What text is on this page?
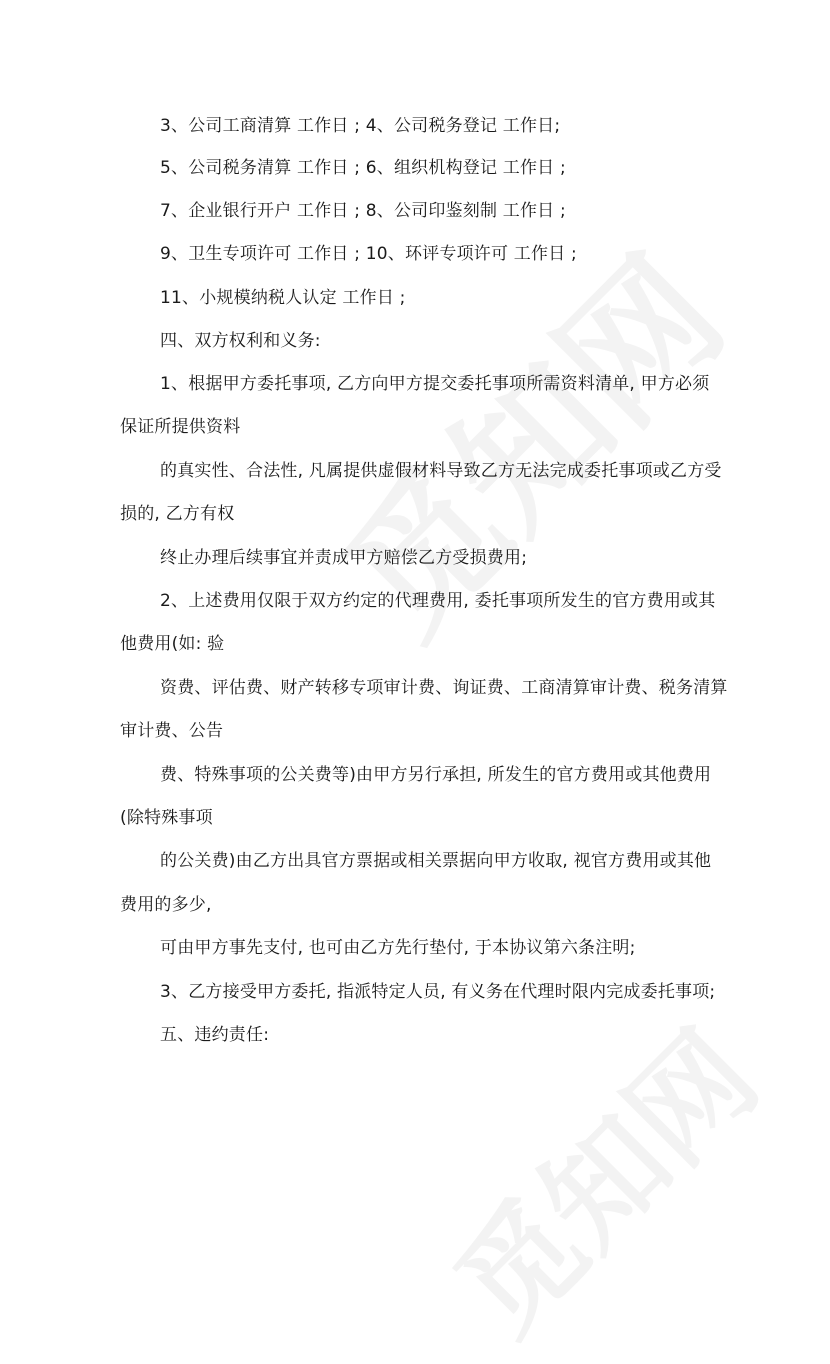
3、公司工商清算 工作日 ; 4、公司税务登记 工作日;
5、公司税务清算 工作日 ; 6、组织机构登记 工作日 ;
7、企业银行开户 工作日 ; 8、公司印鉴刻制 工作日 ;
9、卫生专项许可 工作日 ; 10、环评专项许可 工作日 ;
11、小规模纳税人认定 工作日 ;
四、双方权利和义务:
1、根据甲方委托事项, 乙方向甲方提交委托事项所需资料清单, 甲方必须
保证所提供资料
的真实性、合法性, 凡属提供虚假材料导致乙方无法完成委托事项或乙方受
损的, 乙方有权
终止办理后续事宜并责成甲方赔偿乙方受损费用;
2、上述费用仅限于双方约定的代理费用, 委托事项所发生的官方费用或其
他费用(如: 验
资费、评估费、财产转移专项审计费、询证费、工商清算审计费、税务清算
审计费、公告
费、特殊事项的公关费等)由甲方另行承担, 所发生的官方费用或其他费用
(除特殊事项
的公关费)由乙方出具官方票据或相关票据向甲方收取, 视官方费用或其他
费用的多少,
可由甲方事先支付, 也可由乙方先行垫付, 于本协议第六条注明;
3、乙方接受甲方委托, 指派特定人员, 有义务在代理时限内完成委托事项;
五、违约责任:
